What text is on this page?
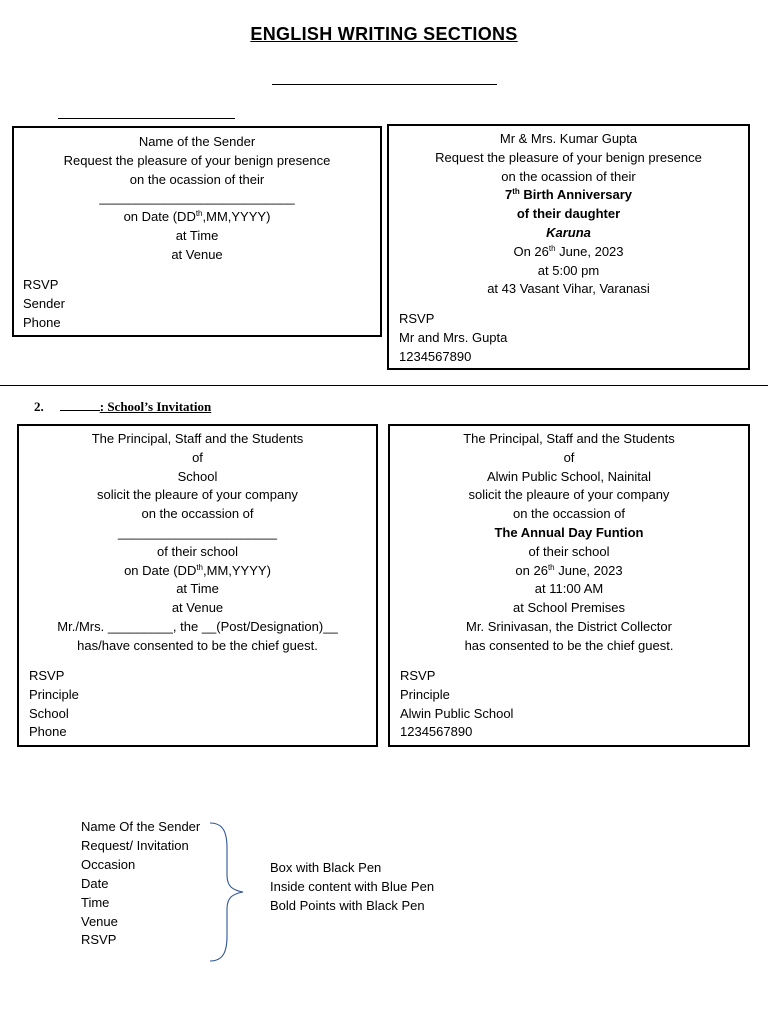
ENGLISH WRITING SECTIONS
Name of the Sender
Request the pleasure of your benign presence
on the ocassion of their
___________________________
on Date (DDth,MM,YYYY)
at Time
at Venue
RSVP
Sender
Phone
Mr & Mrs. Kumar Gupta
Request the pleasure of your benign presence
on the ocassion of their
7th Birth Anniversary
of their daughter
Karuna
On 26th June, 2023
at 5:00 pm
at 43 Vasant Vihar, Varanasi
RSVP
Mr and Mrs. Gupta
1234567890
2.	: School’s Invitation
The Principal, Staff and the Students
of
School
solicit the pleaure of your company
on the occassion of
______________________
of their school
on Date (DDth,MM,YYYY)
at Time
at Venue
Mr./Mrs. _________, the __(Post/Designation)__
has/have consented to be the chief guest.
RSVP
Principle
School
Phone
The Principal, Staff and the Students
of
Alwin Public School, Nainital
solicit the pleaure of your company
on the occassion of
The Annual Day Funtion
of their school
on 26th June, 2023
at 11:00 AM
at School Premises
Mr. Srinivasan, the District Collector
has consented to be the chief guest.
RSVP
Principle
Alwin Public School
1234567890
Name Of the Sender
Request/ Invitation
Occasion
Date
Time
Venue
RSVP
Box with Black Pen
Inside content with Blue Pen
Bold Points with Black Pen
